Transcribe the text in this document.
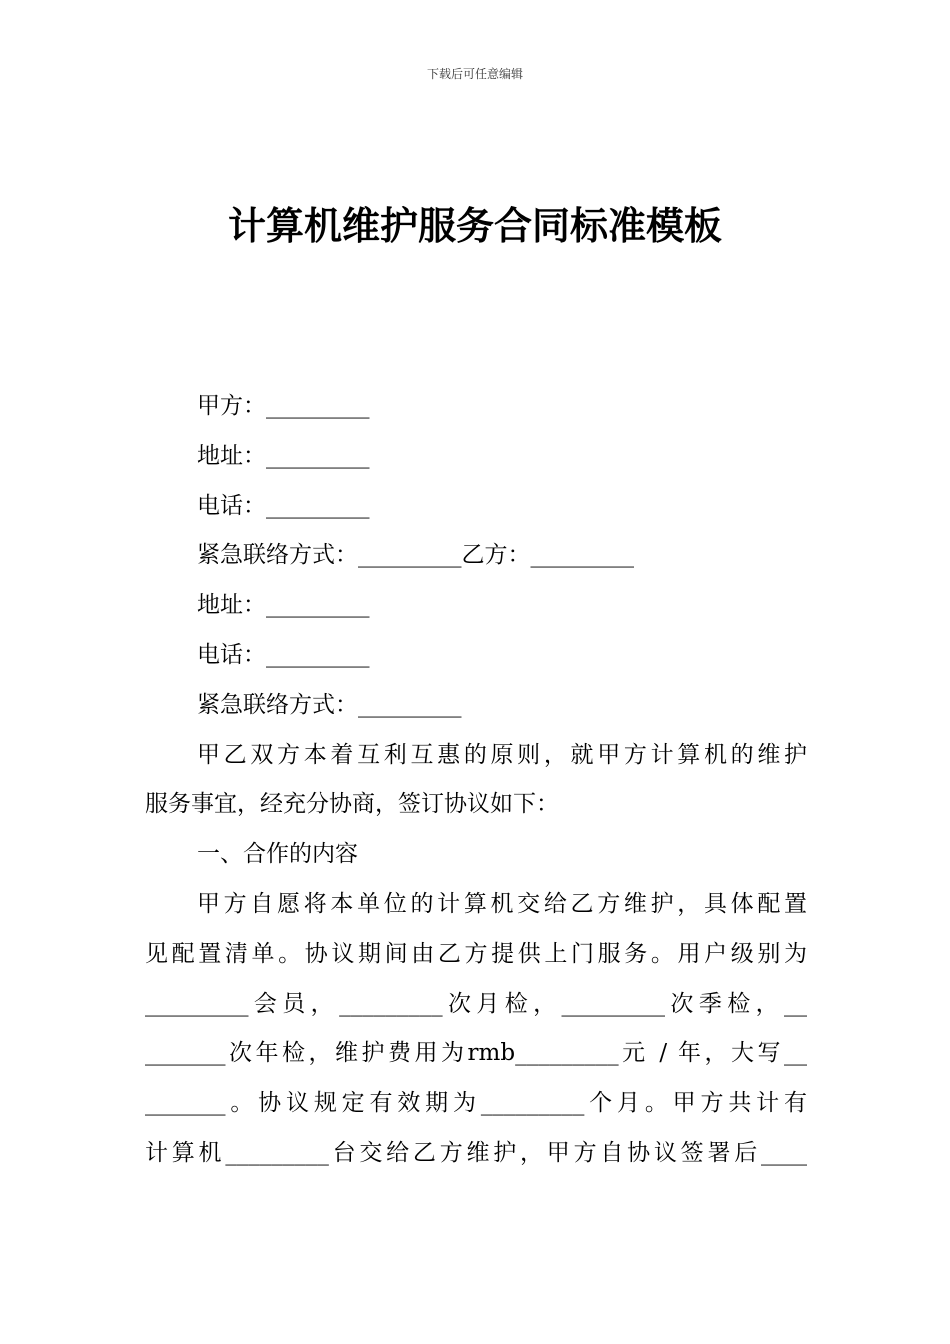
下载后可任意编辑
计算机维护服务合同标准模板
甲方：_________
地址：_________
电话：_________
紧急联络方式：_________乙方：_________
地址：_________
电话：_________
紧急联络方式：_________
甲乙双方本着互利互惠的原则，就甲方计算机的维护
服务事宜，经充分协商，签订协议如下：
一、合作的内容
甲方自愿将本单位的计算机交给乙方维护，具体配置
见配置清单。协议期间由乙方提供上门服务。用户级别为
_________会员，_________次月检，_________次季检，__
_______次年检，维护费用为rmb_________元 / 年，大写__
_______。协议规定有效期为_________个月。甲方共计有
计算机_________台交给乙方维护，甲方自协议签署后____
